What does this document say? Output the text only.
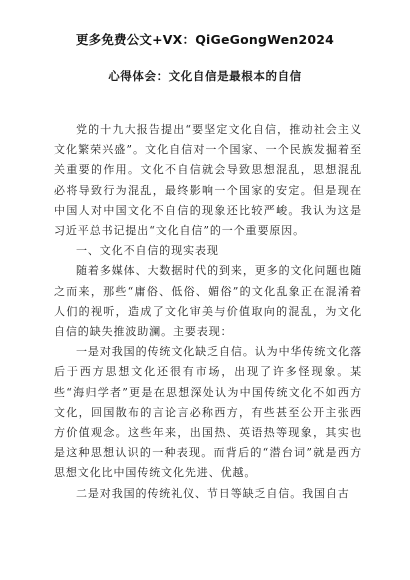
更多免费公文+VX：QiGeGongWen2024
心得体会：文化自信是最根本的自信

党的十九大报告提出“要坚定文化自信，推动社会主义文化繁荣兴盛”。文化自信对一个国家、一个民族发掘着至关重要的作用。文化不自信就会导致思想混乱，思想混乱必将导致行为混乱，最终影响一个国家的安定。但是现在中国人对中国文化不自信的现象还比较严峻。我认为这是习近平总书记提出“文化自信”的一个重要原因。

一、文化不自信的现实表现

随着多媒体、大数据时代的到来，更多的文化问题也随之而来，那些“庸俗、低俗、媚俗”的文化乱象正在混淆着人们的视听，造成了文化审美与价值取向的混乱，为文化自信的缺失推波助澜。主要表现：

一是对我国的传统文化缺乏自信。认为中华传统文化落后于西方思想文化还很有市场，出现了许多怪现象。某些“海归学者”更是在思想深处认为中国传统文化不如西方文化，回国散布的言论言必称西方，有些甚至公开主张西方价值观念。这些年来，出国热、英语热等现象，其实也是这种思想认识的一种表现。而背后的“潜台词”就是西方思想文化比中国传统文化先进、优越。

二是对我国的传统礼仪、节日等缺乏自信。我国自古
